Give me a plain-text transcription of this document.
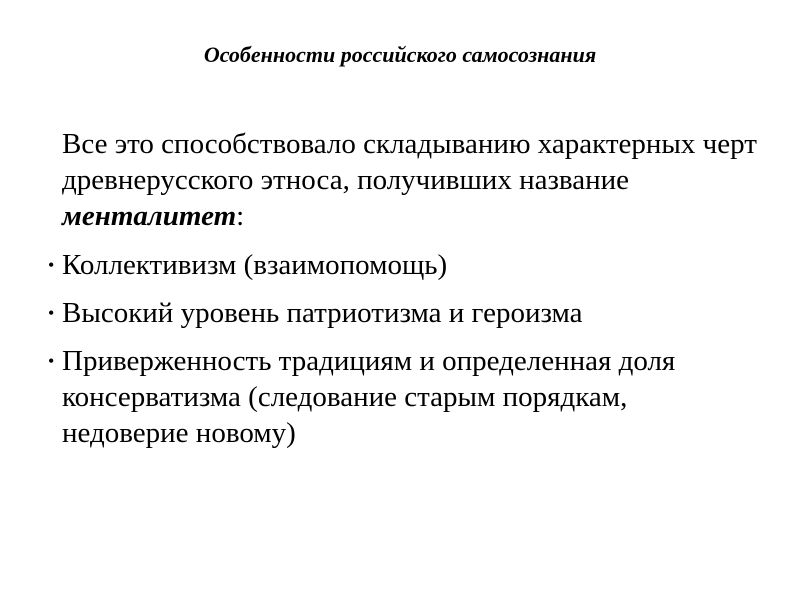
Особенности российского самосознания
Все это способствовало складыванию характерных черт древнерусского этноса, получивших название менталитет:
• Коллективизм (взаимопомощь)
• Высокий уровень патриотизма и героизма
• Приверженность традициям и определенная доля консерватизма (следование старым порядкам, недоверие новому)
